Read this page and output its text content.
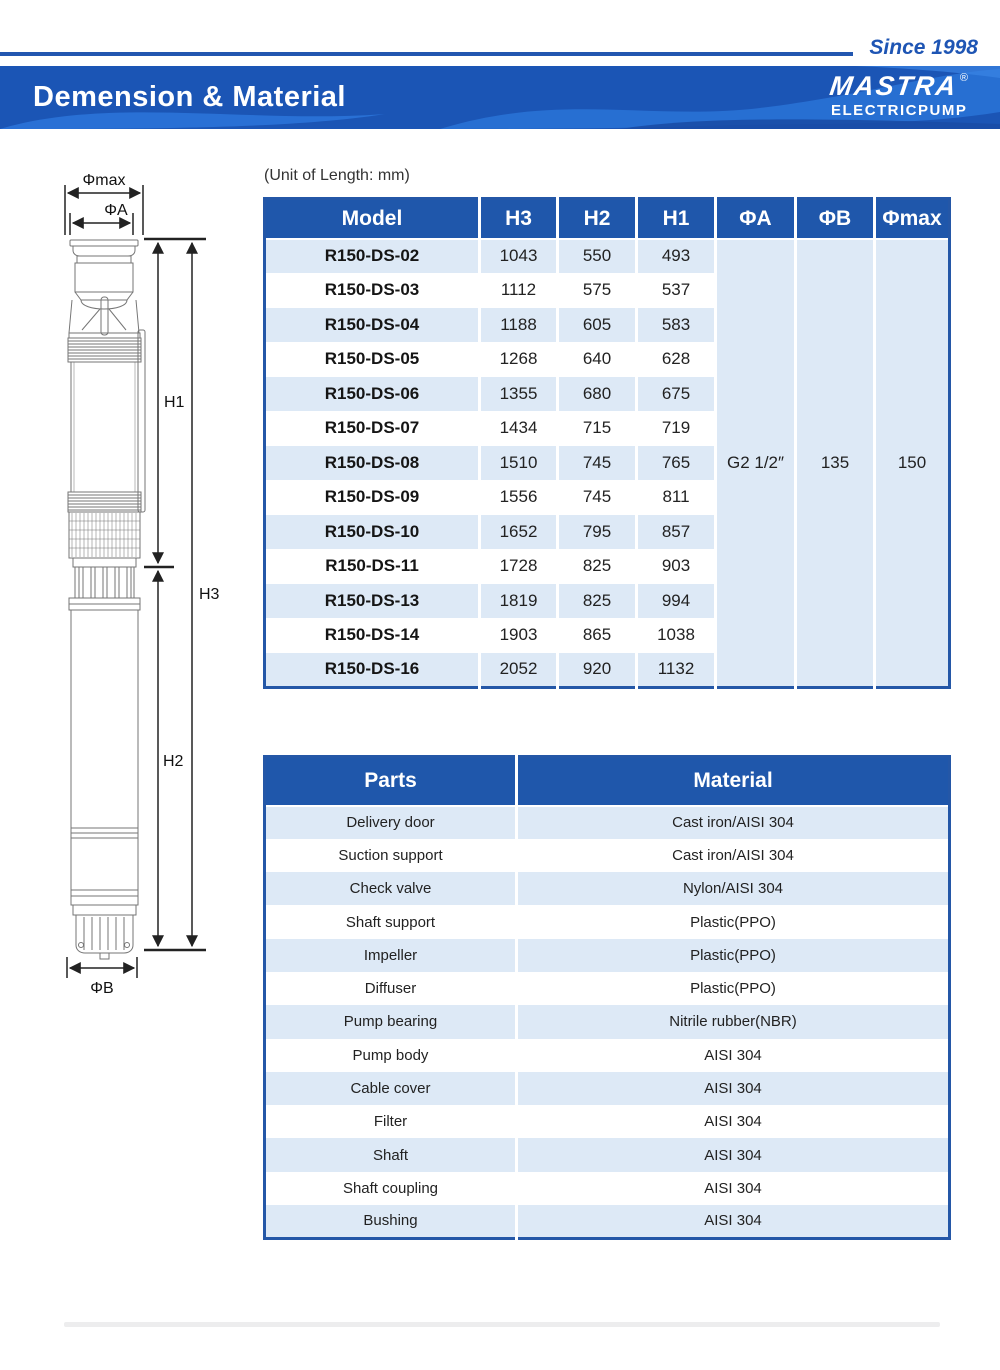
Since 1998
Demension & Material	MASTRA ®
ELECTRICPUMP
(Unit of Length: mm)
Φmax
ΦA
H1
H3
H2
ΦB
Model	H3	H2	H1	ΦA	ΦB	Φmax
R150-DS-02	1043	550	493	G2 1/2″	135	150
R150-DS-03	1112	575	537			
R150-DS-04	1188	605	583			
R150-DS-05	1268	640	628			
R150-DS-06	1355	680	675			
R150-DS-07	1434	715	719			
R150-DS-08	1510	745	765			
R150-DS-09	1556	745	811			
R150-DS-10	1652	795	857			
R150-DS-11	1728	825	903			
R150-DS-13	1819	825	994			
R150-DS-14	1903	865	1038			
R150-DS-16	2052	920	1132			
Parts	Material
Delivery door	Cast iron/AISI 304
Suction support	Cast iron/AISI 304
Check valve	Nylon/AISI 304
Shaft support	Plastic(PPO)
Impeller	Plastic(PPO)
Diffuser	Plastic(PPO)
Pump bearing	Nitrile rubber(NBR)
Pump body	AISI 304
Cable cover	AISI 304
Filter	AISI 304
Shaft	AISI 304
Shaft coupling	AISI 304
Bushing	AISI 304
